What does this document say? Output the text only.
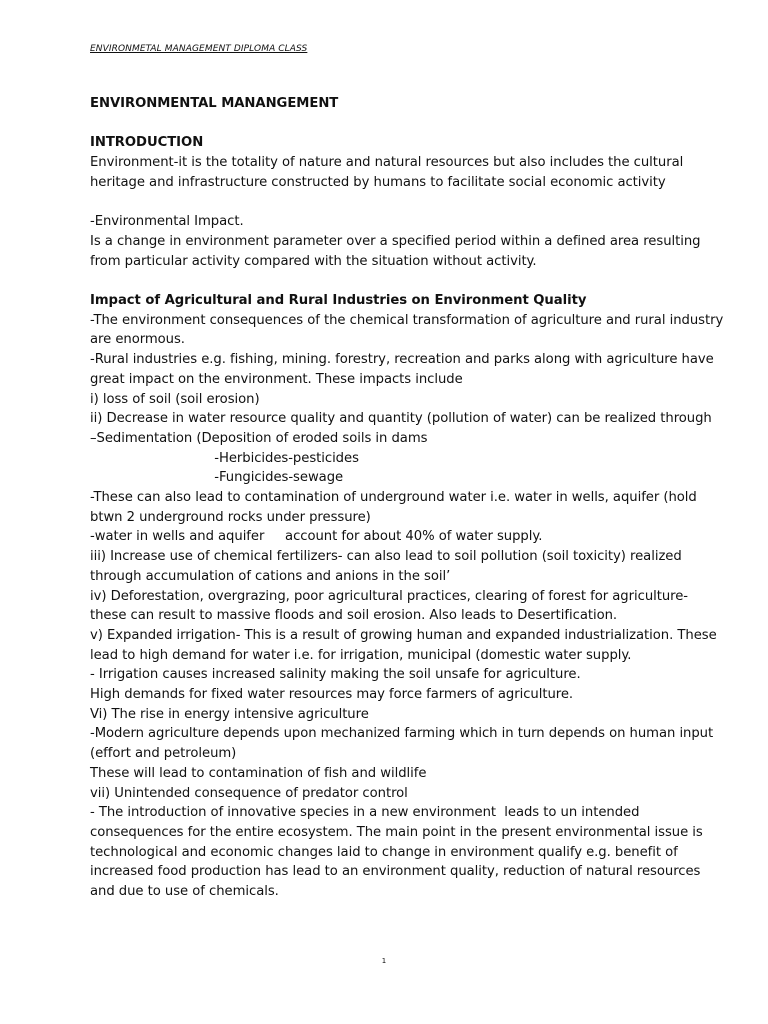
ENVIRONMETAL MANAGEMENT DIPLOMA CLASS
ENVIRONMENTAL MANANGEMENT
INTRODUCTION
Environment-it is the totality of nature and natural resources but also includes the cultural
heritage and infrastructure constructed by humans to facilitate social economic activity
-Environmental Impact.
Is a change in environment parameter over a specified period within a defined area resulting
from particular activity compared with the situation without activity.
Impact of Agricultural and Rural Industries on Environment Quality
-The environment consequences of the chemical transformation of agriculture and rural industry
are enormous.
-Rural industries e.g. fishing, mining. forestry, recreation and parks along with agriculture have
great impact on the environment. These impacts include
i) loss of soil (soil erosion)
ii) Decrease in water resource quality and quantity (pollution of water) can be realized through
–Sedimentation (Deposition of eroded soils in dams
-Herbicides-pesticides
-Fungicides-sewage
-These can also lead to contamination of underground water i.e. water in wells, aquifer (hold
btwn 2 underground rocks under pressure)
-water in wells and aquifer     account for about 40% of water supply.
iii) Increase use of chemical fertilizers- can also lead to soil pollution (soil toxicity) realized
through accumulation of cations and anions in the soil’
iv) Deforestation, overgrazing, poor agricultural practices, clearing of forest for agriculture-
these can result to massive floods and soil erosion. Also leads to Desertification.
v) Expanded irrigation- This is a result of growing human and expanded industrialization. These
lead to high demand for water i.e. for irrigation, municipal (domestic water supply.
- Irrigation causes increased salinity making the soil unsafe for agriculture.
High demands for fixed water resources may force farmers of agriculture.
Vi) The rise in energy intensive agriculture
-Modern agriculture depends upon mechanized farming which in turn depends on human input
(effort and petroleum)
These will lead to contamination of fish and wildlife
vii) Unintended consequence of predator control
- The introduction of innovative species in a new environment  leads to un intended
consequences for the entire ecosystem. The main point in the present environmental issue is
technological and economic changes laid to change in environment qualify e.g. benefit of
increased food production has lead to an environment quality, reduction of natural resources
and due to use of chemicals.
1
